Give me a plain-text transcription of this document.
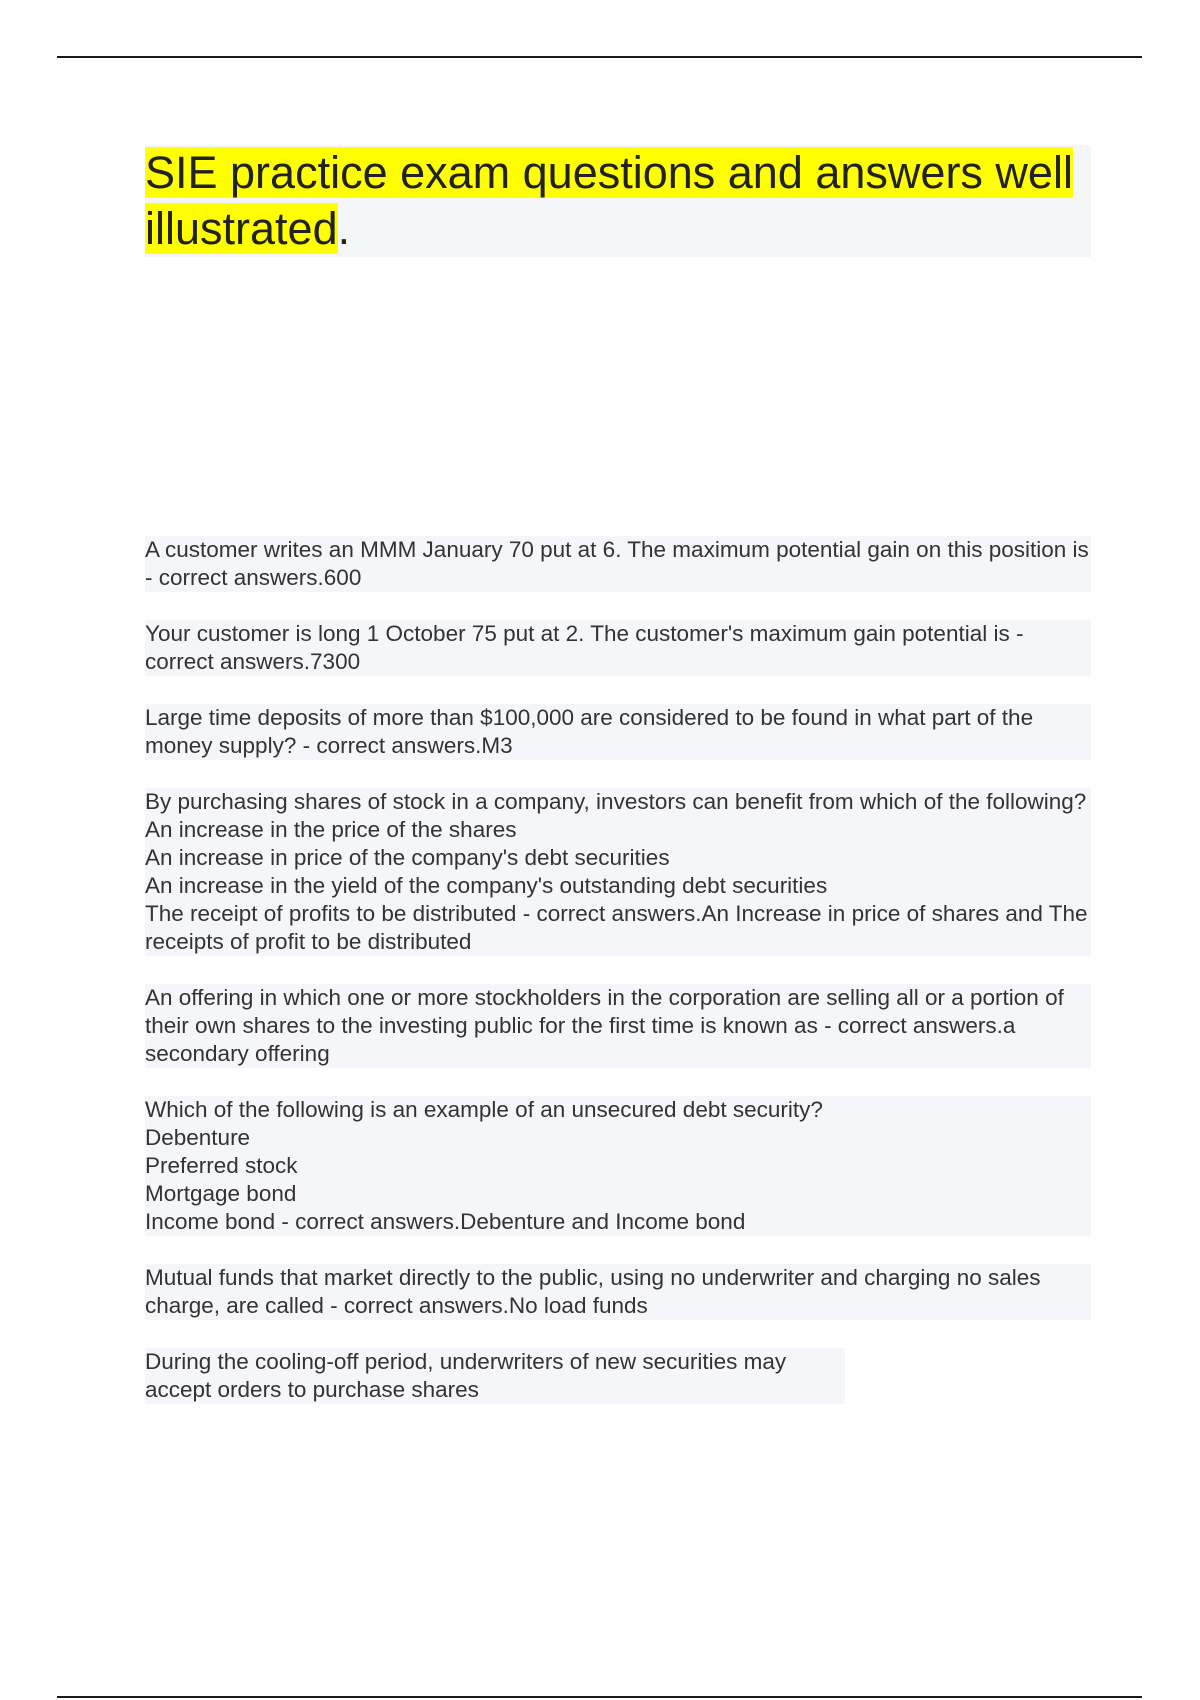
SIE practice exam questions and answers well illustrated.

A customer writes an MMM January 70 put at 6. The maximum potential gain on this position is - correct answers.600

Your customer is long 1 October 75 put at 2. The customer's maximum gain potential is - correct answers.7300

Large time deposits of more than $100,000 are considered to be found in what part of the money supply? - correct answers.M3

By purchasing shares of stock in a company, investors can benefit from which of the following?
An increase in the price of the shares
An increase in price of the company's debt securities
An increase in the yield of the company's outstanding debt securities
The receipt of profits to be distributed - correct answers.An Increase in price of shares and The receipts of profit to be distributed

An offering in which one or more stockholders in the corporation are selling all or a portion of their own shares to the investing public for the first time is known as - correct answers.a secondary offering

Which of the following is an example of an unsecured debt security?
Debenture
Preferred stock
Mortgage bond
Income bond - correct answers.Debenture and Income bond

Mutual funds that market directly to the public, using no underwriter and charging no sales charge, are called - correct answers.No load funds

During the cooling-off period, underwriters of new securities may
accept orders to purchase shares
